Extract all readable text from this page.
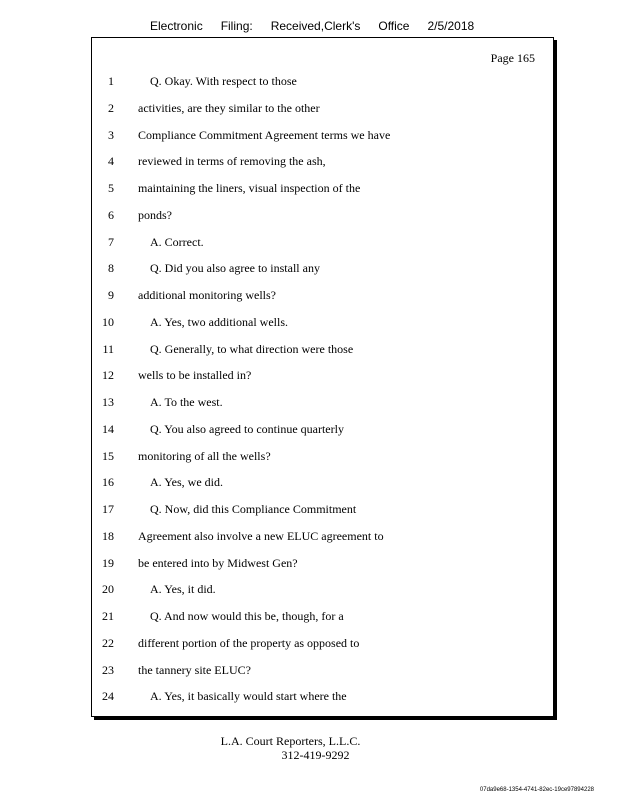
Electronic Filing: Received,Clerk's Office 2/5/2018
Page 165
1	Q. Okay. With respect to those
2 activities, are they similar to the other
3 Compliance Commitment Agreement terms we have
4 reviewed in terms of removing the ash,
5 maintaining the liners, visual inspection of the
6 ponds?
7	A. Correct.
8	Q. Did you also agree to install any
9 additional monitoring wells?
10	A. Yes, two additional wells.
11	Q. Generally, to what direction were those
12 wells to be installed in?
13	A. To the west.
14	Q. You also agreed to continue quarterly
15 monitoring of all the wells?
16	A. Yes, we did.
17	Q. Now, did this Compliance Commitment
18 Agreement also involve a new ELUC agreement to
19 be entered into by Midwest Gen?
20	A. Yes, it did.
21	Q. And now would this be, though, for a
22 different portion of the property as opposed to
23 the tannery site ELUC?
24	A. Yes, it basically would start where the
L.A. Court Reporters, L.L.C.
312-419-9292
07da9e68-1354-4741-82ec-19ce97894228
